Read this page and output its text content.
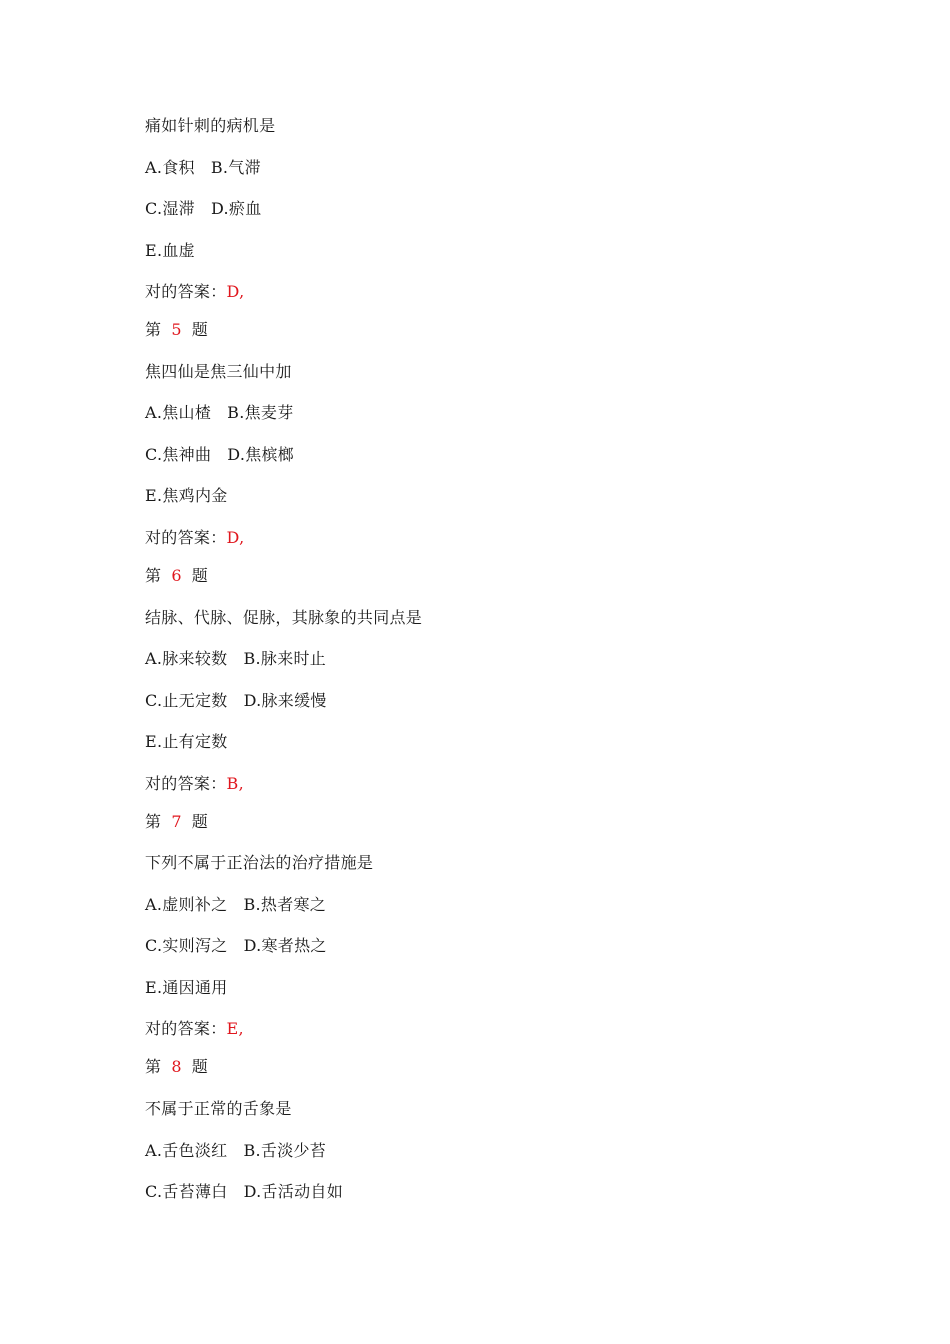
痛如针刺的病机是
A.食积 B.气滞
C.湿滞 D.瘀血
E.血虚
对的答案：D,
第 5 题
焦四仙是焦三仙中加
A.焦山楂 B.焦麦芽
C.焦神曲 D.焦槟榔
E.焦鸡内金
对的答案：D,
第 6 题
结脉、代脉、促脉，其脉象的共同点是
A.脉来较数 B.脉来时止
C.止无定数 D.脉来缓慢
E.止有定数
对的答案：B,
第 7 题
下列不属于正治法的治疗措施是
A.虚则补之 B.热者寒之
C.实则泻之 D.寒者热之
E.通因通用
对的答案：E,
第 8 题
不属于正常的舌象是
A.舌色淡红 B.舌淡少苔
C.舌苔薄白 D.舌活动自如
